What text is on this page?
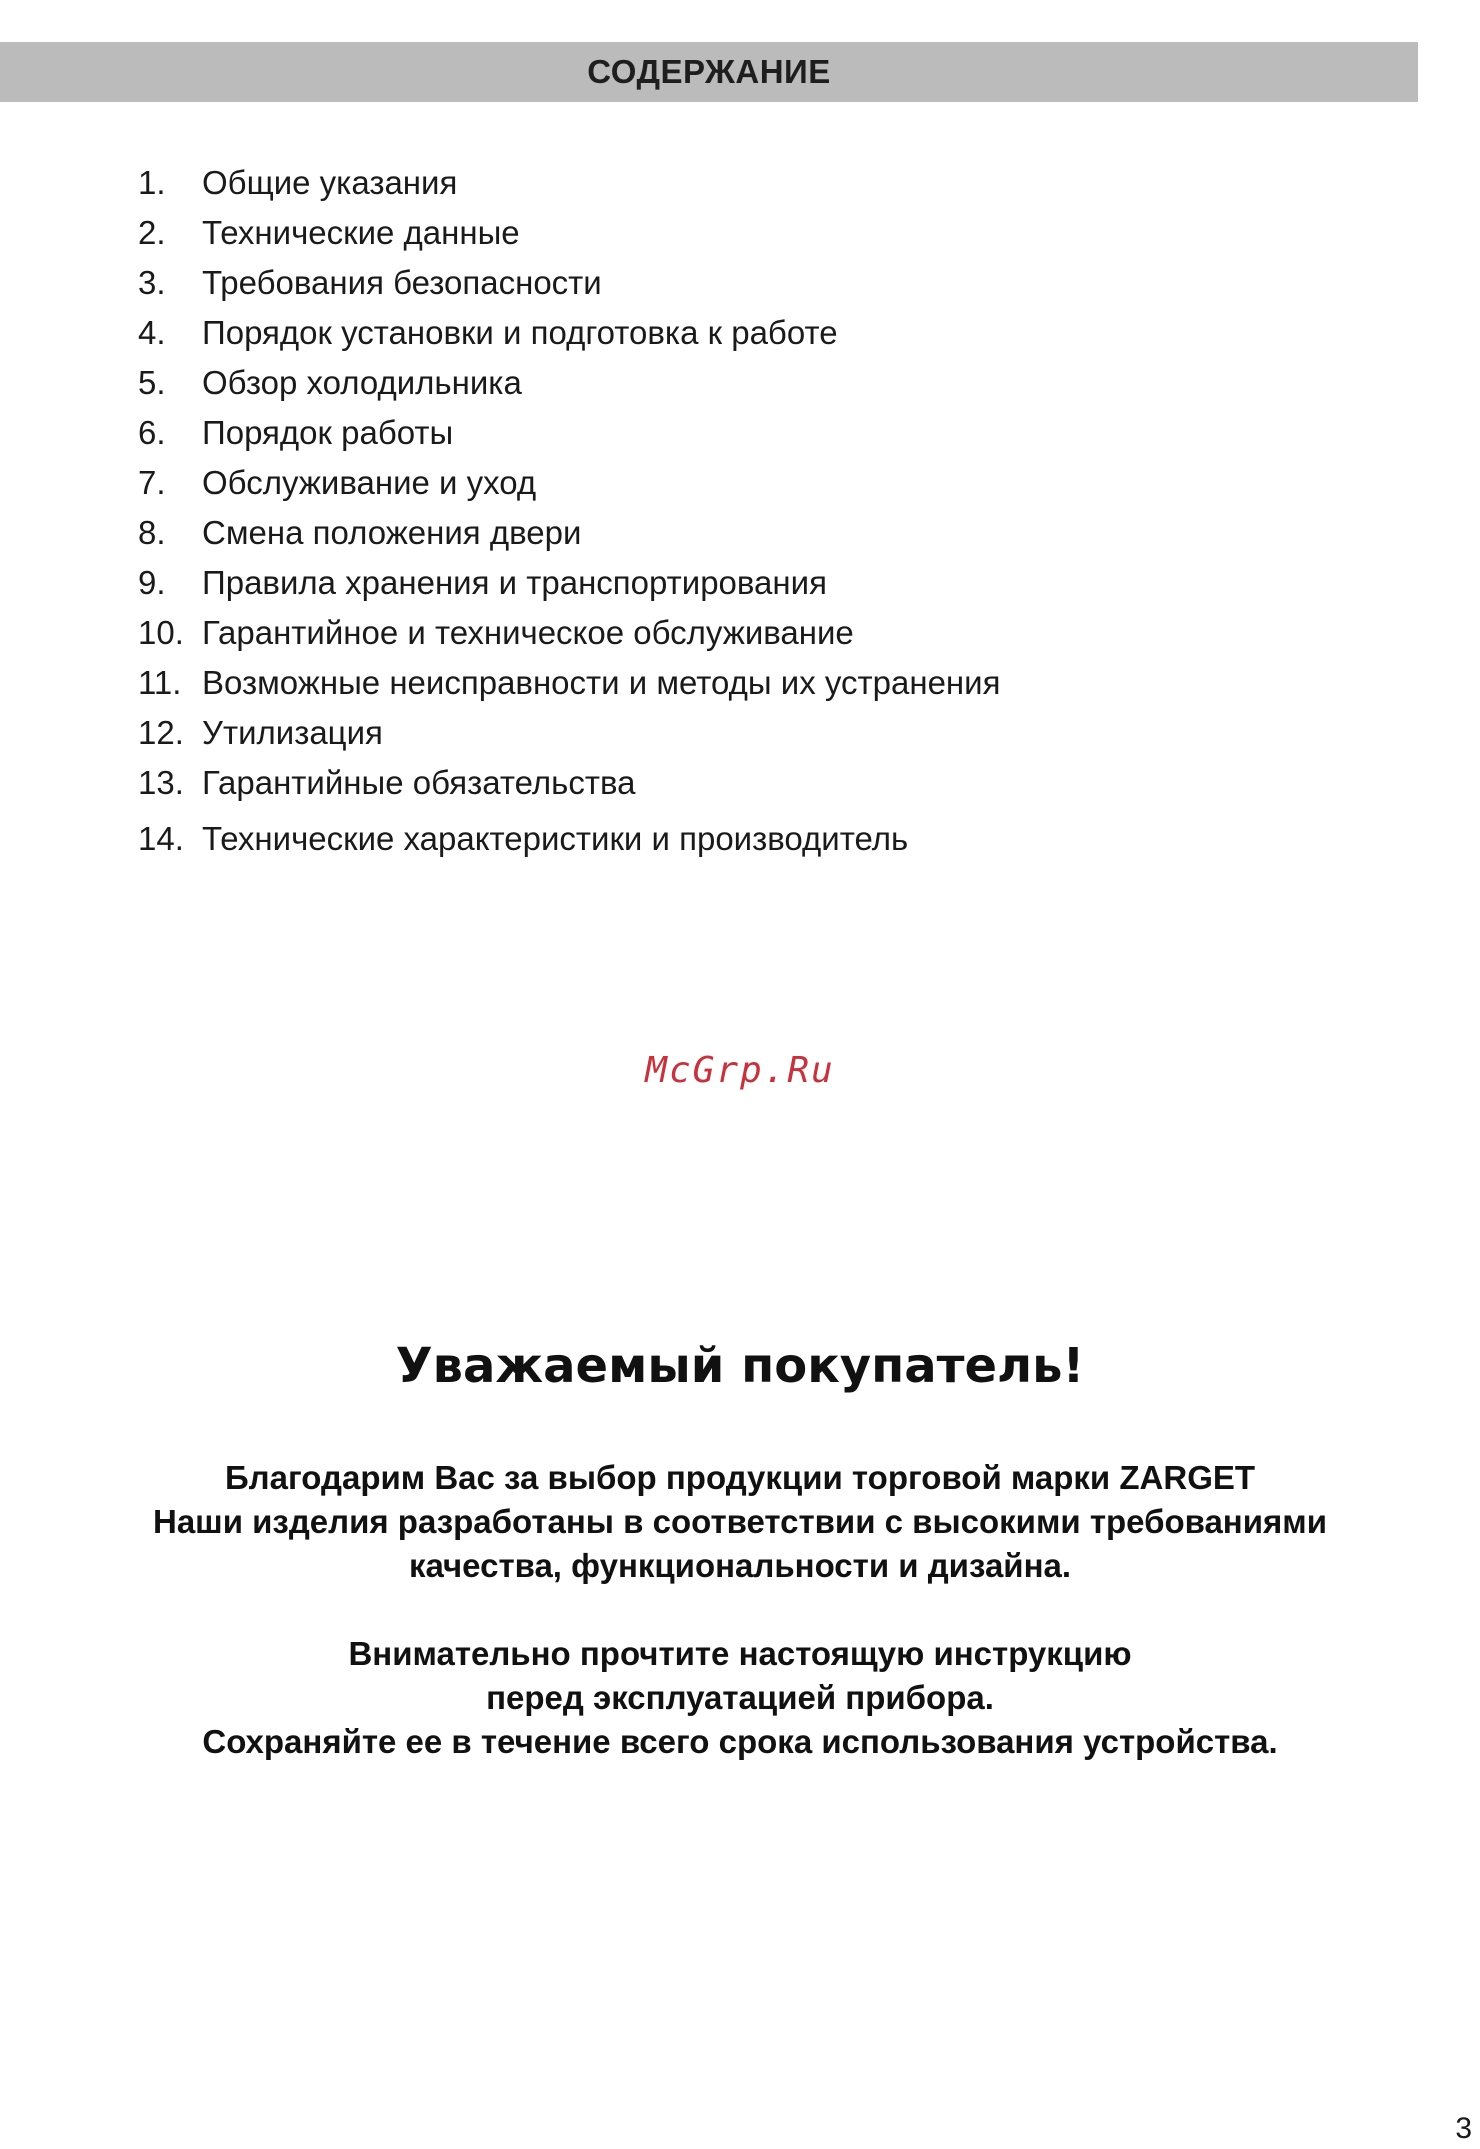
СОДЕРЖАНИЕ
1.	Общие указания
2.	Технические данные
3.	Требования безопасности
4.	Порядок установки и подготовка к работе
5.	Обзор холодильника
6.	Порядок работы
7.	Обслуживание и уход
8.	Смена положения двери
9.	Правила хранения и транспортирования
10. Гарантийное и техническое обслуживание
11. Возможные неисправности и методы их устранения
12. Утилизация
13. Гарантийные обязательства
14. Технические характеристики и производитель
McGrp.Ru
Уважаемый покупатель!
Благодарим Вас за выбор продукции торговой марки ZARGET
Наши изделия разработаны в соответствии с высокими требованиями
качества, функциональности и дизайна.
Внимательно прочтите настоящую инструкцию
перед эксплуатацией прибора.
Сохраняйте ее в течение всего срока использования устройства.
3
